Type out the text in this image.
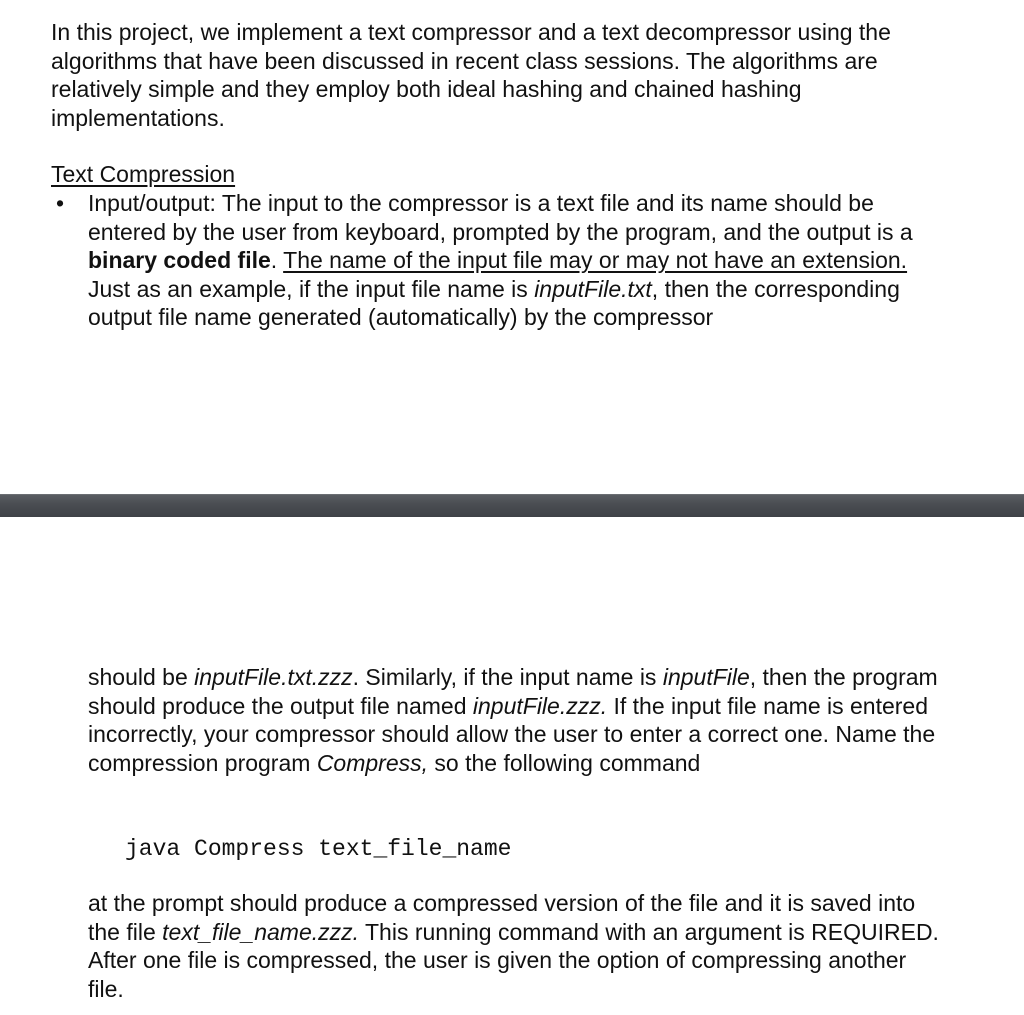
In this project, we implement a text compressor and a text decompressor using the algorithms that have been discussed in recent class sessions. The algorithms are relatively simple and they employ both ideal hashing and chained hashing implementations.

Text Compression
• Input/output: The input to the compressor is a text file and its name should be entered by the user from keyboard, prompted by the program, and the output is a binary coded file. The name of the input file may or may not have an extension. Just as an example, if the input file name is inputFile.txt, then the corresponding output file name generated (automatically) by the compressor

should be inputFile.txt.zzz. Similarly, if the input name is inputFile, then the program should produce the output file named inputFile.zzz. If the input file name is entered incorrectly, your compressor should allow the user to enter a correct one. Name the compression program Compress, so the following command

java Compress text_file_name

at the prompt should produce a compressed version of the file and it is saved into the file text_file_name.zzz. This running command with an argument is REQUIRED. After one file is compressed, the user is given the option of compressing another file.
